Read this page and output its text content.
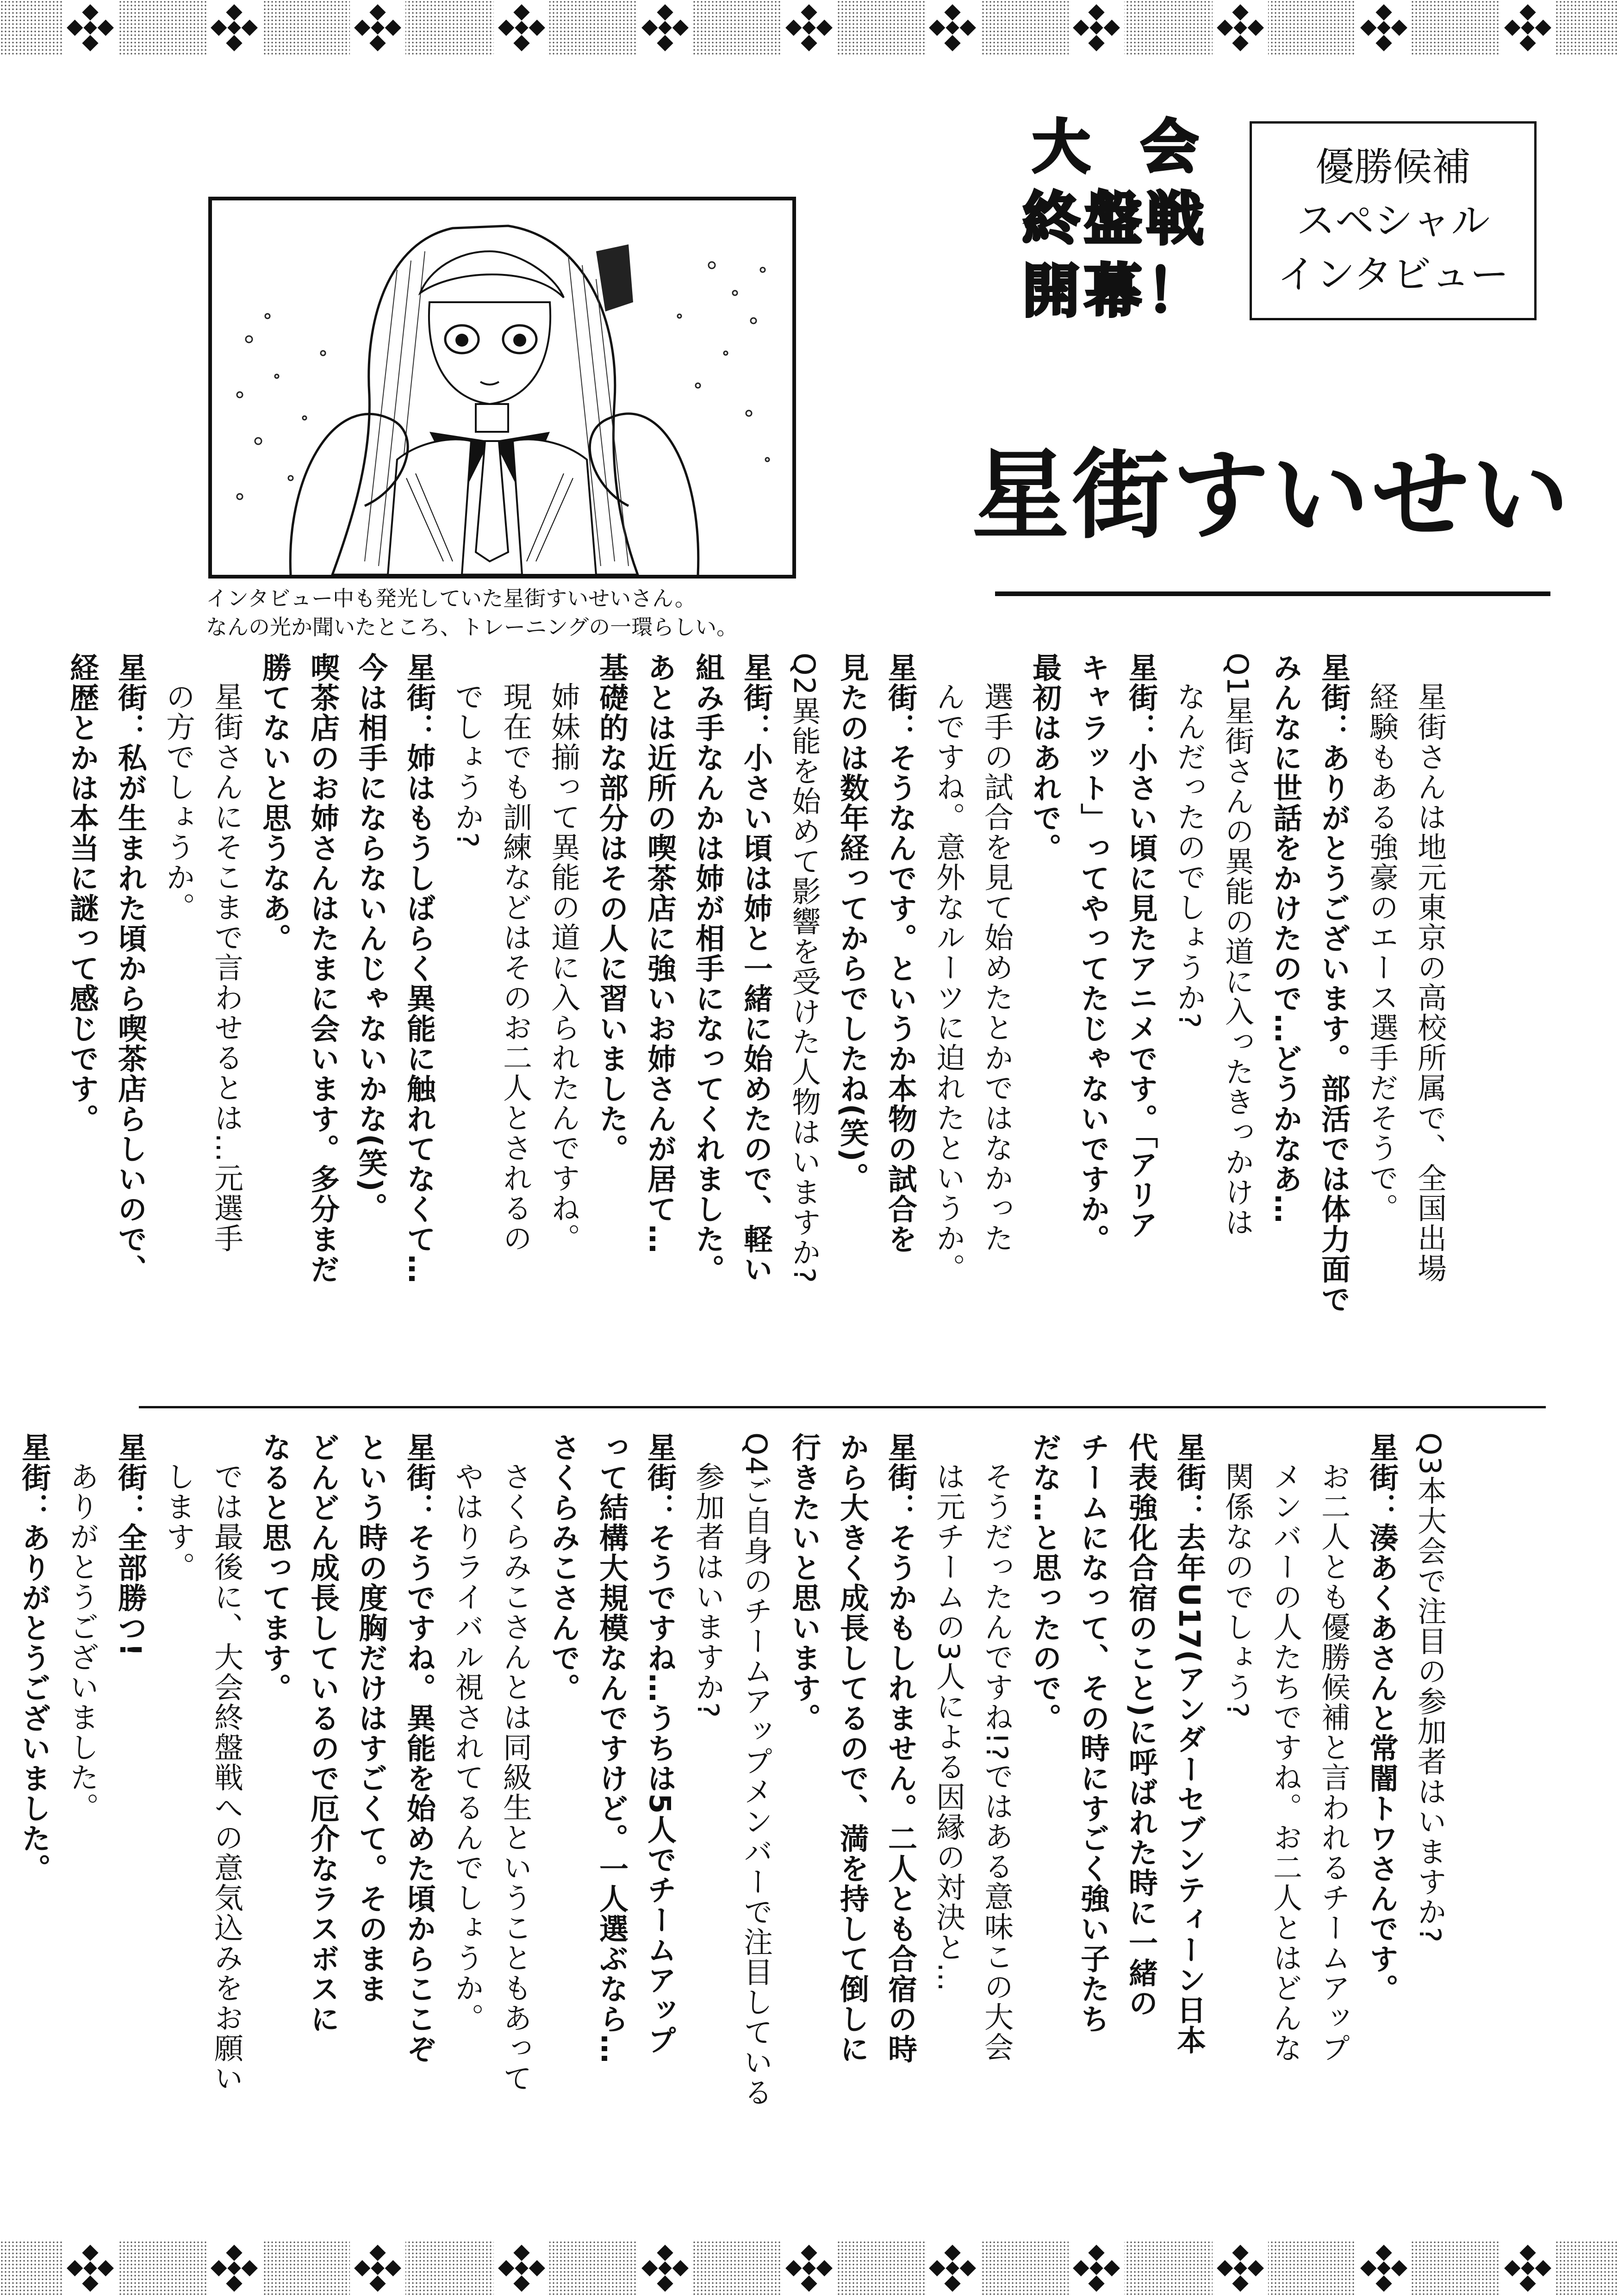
インタビュー中も発光していた星街すいせいさん。
なんの光か聞いたところ、トレーニングの一環らしい。
大会
終盤戦
開幕！
優勝候補
スペシャル
インタビュー
星街すいせい

星街さんは地元東京の高校所属で、全国出場

経験もある強豪のエース選手だそうで。

星街：ありがとうございます。部活では体力面で

みんなに世話をかけたので…どうかなあ…

Q1星街さんの異能の道に入ったきっかけは

なんだったのでしょうか?

星街：小さい頃に見たアニメです。「アリア

キャラット」ってやってたじゃないですか。

最初はあれで。

選手の試合を見て始めたとかではなかった

んですね。意外なルーツに迫れたというか。

星街：そうなんです。というか本物の試合を

見たのは数年経ってからでしたね(笑)。

Q2異能を始めて影響を受けた人物はいますか?

星街：小さい頃は姉と一緒に始めたので、軽い

組み手なんかは姉が相手になってくれました。

あとは近所の喫茶店に強いお姉さんが居て…

基礎的な部分はその人に習いました。

姉妹揃って異能の道に入られたんですね。

現在でも訓練などはそのお二人とされるの

でしょうか?

星街：姉はもうしばらく異能に触れてなくて…

今は相手にならないんじゃないかな(笑)。

喫茶店のお姉さんはたまに会います。多分まだ

勝てないと思うなあ。

星街さんにそこまで言わせるとは…元選手

の方でしょうか。

星街：私が生まれた頃から喫茶店らしいので、

経歴とかは本当に謎って感じです。

Q3本大会で注目の参加者はいますか?

星街：湊あくあさんと常闇トワさんです。

お二人とも優勝候補と言われるチームアップ

メンバーの人たちですね。お二人とはどんな

関係なのでしょう?

星街：去年U17(アンダーセブンティーン日本

代表強化合宿のこと)に呼ばれた時に一緒の

チームになって、その時にすごく強い子たち

だな…と思ったので。

そうだったんですね!?ではある意味この大会

は元チームの3人による因縁の対決と…

星街：そうかもしれません。二人とも合宿の時

から大きく成長してるので、満を持して倒しに

行きたいと思います。

Q4ご自身のチームアップメンバーで注目している

参加者はいますか?

星街：そうですね…うちは5人でチームアップ

って結構大規模なんですけど。一人選ぶなら…

さくらみこさんで。

さくらみこさんとは同級生ということもあって

やはりライバル視されてるんでしょうか。

星街：そうですね。異能を始めた頃からここぞ

という時の度胸だけはすごくて。そのまま

どんどん成長しているので厄介なラスボスに

なると思ってます。

では最後に、大会終盤戦への意気込みをお願い

します。

星街：全部勝つ!

ありがとうございました。

星街：ありがとうございました。
